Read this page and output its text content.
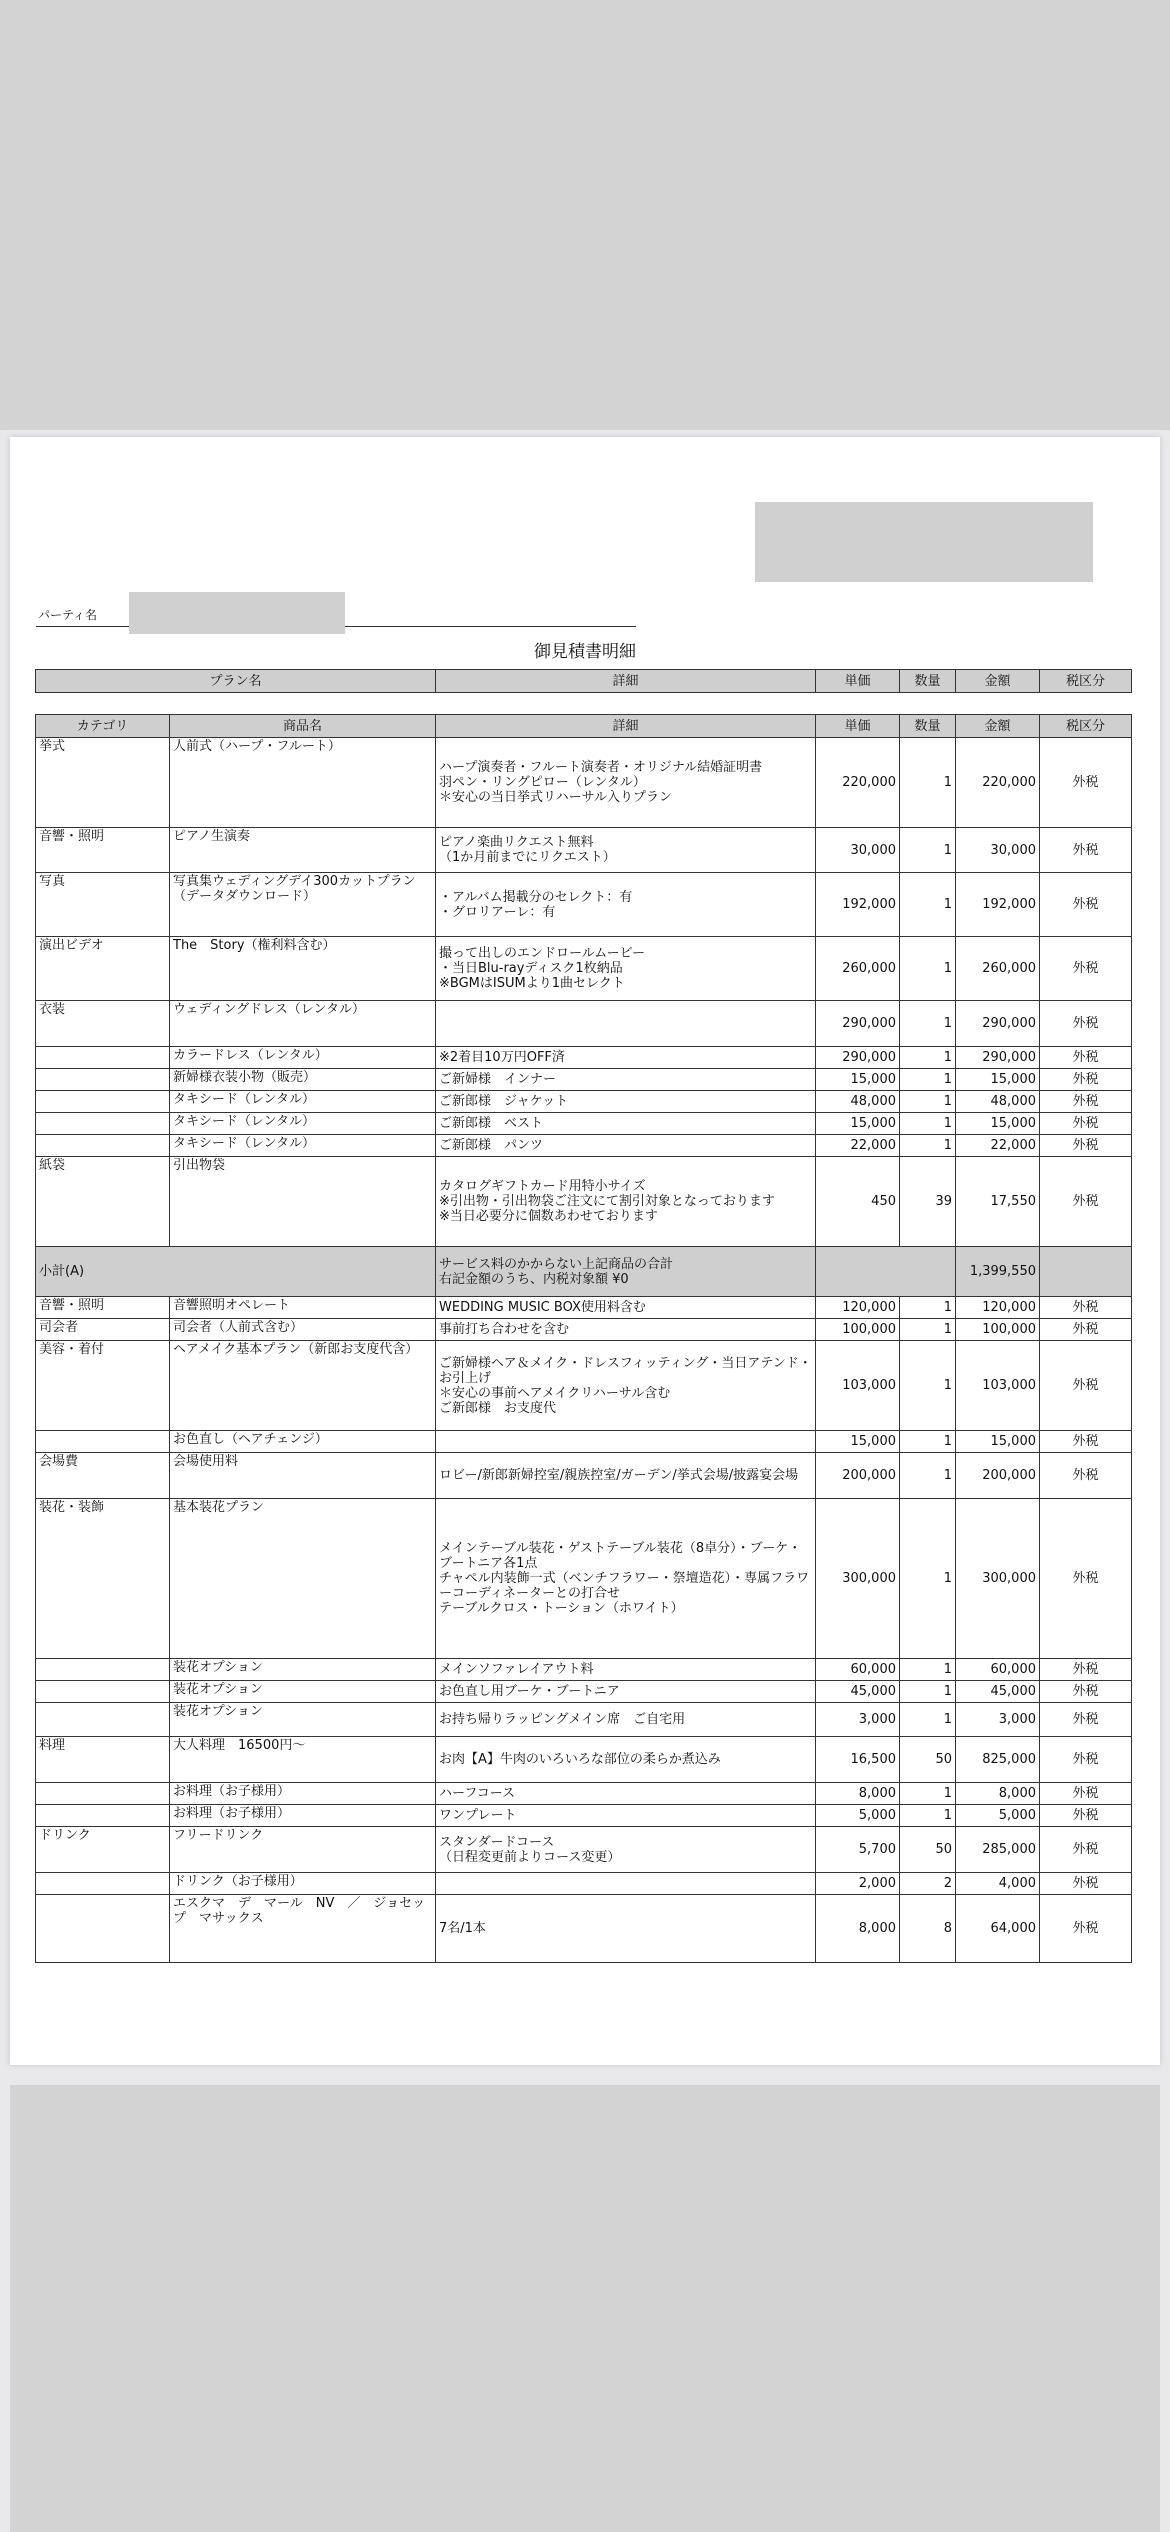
パーティ名
御見積書明細
プラン名	詳細	単価	数量	金額	税区分
カテゴリ	商品名	詳細	単価	数量	金額	税区分
挙式	人前式（ハープ・フルート）	ハープ演奏者・フルート演奏者・オリジナル結婚証明書
羽ペン・リングピロー（レンタル）
＊安心の当日挙式リハーサル入りプラン	220,000	1	220,000	外税
音響・照明	ピアノ生演奏	ピアノ楽曲リクエスト無料
（1か月前までにリクエスト）	30,000	1	30,000	外税
写真	写真集ウェディングデイ300カットプラン（データダウンロード）	・アルバム掲載分のセレクト：有
・グロリアーレ：有	192,000	1	192,000	外税
演出ビデオ	The　Story（権利料含む）	撮って出しのエンドロールムービー
・当日Blu-rayディスク1枚納品
※BGMはISUMより1曲セレクト	260,000	1	260,000	外税
衣装	ウェディングドレス（レンタル）		290,000	1	290,000	外税
	カラードレス（レンタル）	※2着目10万円OFF済	290,000	1	290,000	外税
	新婦様衣装小物（販売）	ご新婦様　インナー	15,000	1	15,000	外税
	タキシード（レンタル）	ご新郎様　ジャケット	48,000	1	48,000	外税
	タキシード（レンタル）	ご新郎様　ベスト	15,000	1	15,000	外税
	タキシード（レンタル）	ご新郎様　パンツ	22,000	1	22,000	外税
紙袋	引出物袋	カタログギフトカード用特小サイズ
※引出物・引出物袋ご注文にて割引対象となっております
※当日必要分に個数あわせております	450	39	17,550	外税
小計(A)		サービス料のかからない上記商品の合計
右記金額のうち、内税対象額 ¥0			1,399,550	
音響・照明	音響照明オペレート	WEDDING MUSIC BOX使用料含む	120,000	1	120,000	外税
司会者	司会者（人前式含む）	事前打ち合わせを含む	100,000	1	100,000	外税
美容・着付	ヘアメイク基本プラン（新郎お支度代含）	ご新婦様ヘア＆メイク・ドレスフィッティング・当日アテンド・お引上げ
＊安心の事前ヘアメイクリハーサル含む
ご新郎様　お支度代	103,000	1	103,000	外税
	お色直し（ヘアチェンジ）		15,000	1	15,000	外税
会場費	会場使用料	ロビー/新郎新婦控室/親族控室/ガーデン/挙式会場/披露宴会場	200,000	1	200,000	外税
装花・装飾	基本装花プラン	メインテーブル装花・ゲストテーブル装花（8卓分）・ブーケ・ブートニア各1点
チャペル内装飾一式（ベンチフラワー・祭壇造花）・専属フラワーコーディネーターとの打合せ
テーブルクロス・トーション（ホワイト）	300,000	1	300,000	外税
	装花オプション	メインソファレイアウト料	60,000	1	60,000	外税
	装花オプション	お色直し用ブーケ・ブートニア	45,000	1	45,000	外税
	装花オプション	お持ち帰りラッピングメイン席　ご自宅用	3,000	1	3,000	外税
料理	大人料理　16500円～	お肉【A】牛肉のいろいろな部位の柔らか煮込み	16,500	50	825,000	外税
	お料理（お子様用）	ハーフコース	8,000	1	8,000	外税
	お料理（お子様用）	ワンプレート	5,000	1	5,000	外税
ドリンク	フリードリンク	スタンダードコース
（日程変更前よりコース変更）	5,700	50	285,000	外税
	ドリンク（お子様用）		2,000	2	4,000	外税
	エスクマ　デ　マール　NV　／　ジョセップ　マサックス	7名/1本	8,000	8	64,000	外税
